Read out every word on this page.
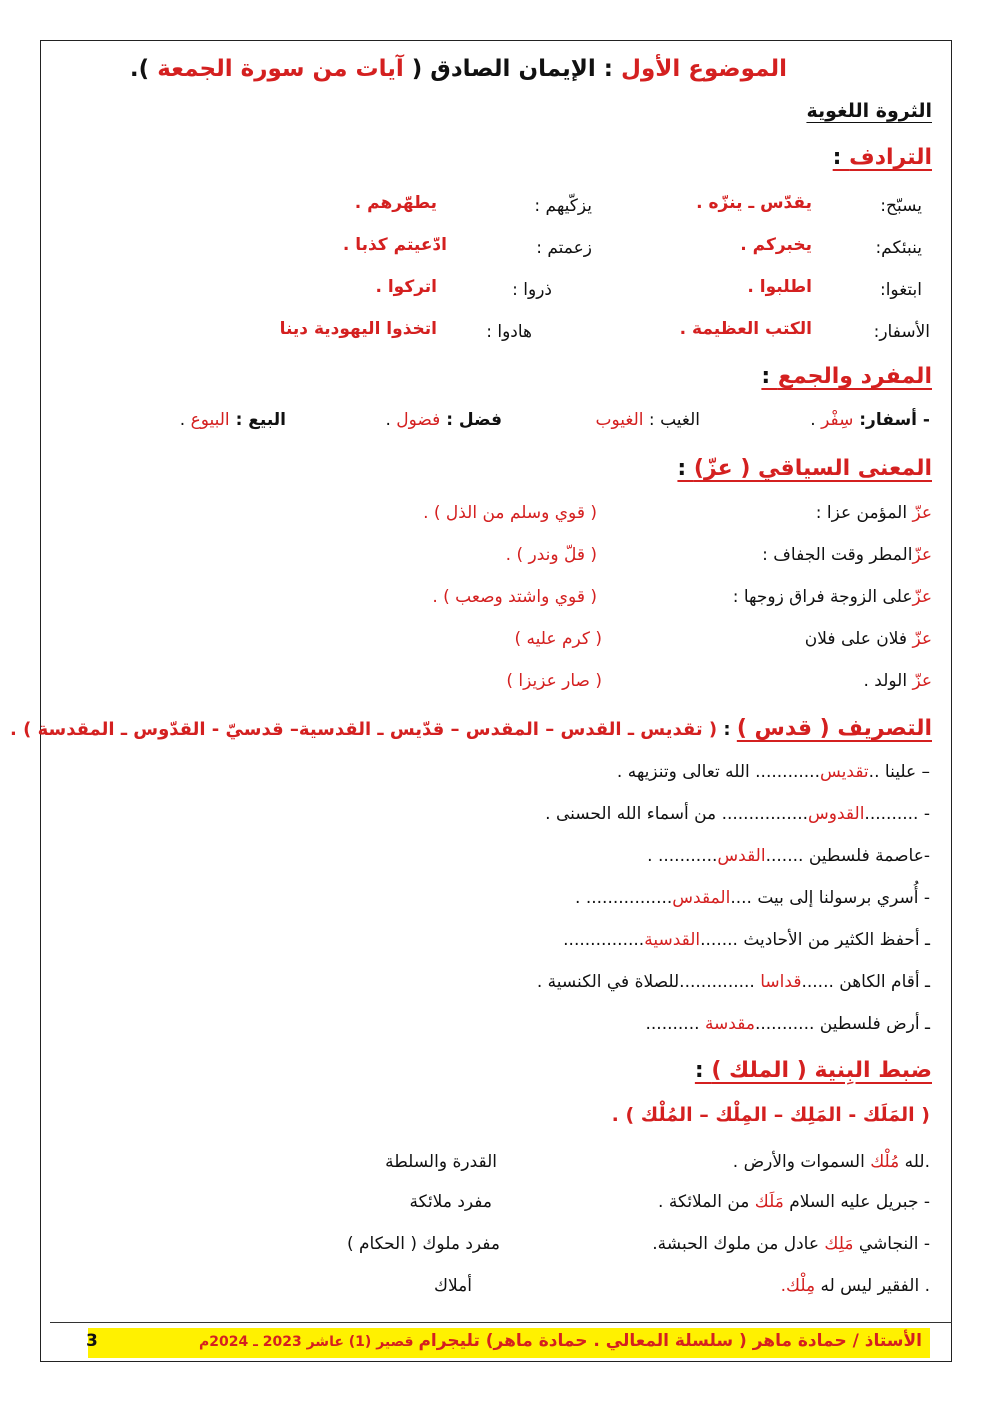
الموضوع الأول : الإيمان الصادق ( آيات من سورة الجمعة ).
الثروة اللغوية
الترادف :
يسبّح:
يقدّس ـ ينزّه .
يزكّيهم :
يطهّرهم .
ينبئكم:
يخبركم .
زعمتم :
ادّعيتم كذبا .
ابتغوا:
اطلبوا .
ذروا :
اتركوا .
الأسفار:
الكتب العظيمة .
هادوا :
اتخذوا اليهودية دينا
المفرد والجمع :
- أسفار: سِفْر .
الغيب : الغيوب
فضل : فضول .
البيع : البيوع .
المعنى السياقي ( عزّ) :
عزّ المؤمن عزا :
( قوي وسلم من الذل ) .
عزّالمطر وقت الجفاف :
( قلّ وندر ) .
عزّعلى الزوجة فراق زوجها :
( قوي واشتد وصعب ) .
عزّ فلان على فلان
( كرم عليه )
عزّ الولد .
( صار عزيزا )
التصريف ( قدس ) : ( تقديس ـ القدس – المقدس – قدّيس ـ القدسية– قدسيّ - القدّوس ـ المقدسة ) .
– علينا ..تقديس............ الله تعالى وتنزيهه .
- ..........القدوس................ من أسماء الله الحسنى .
-عاصمة فلسطين .......القدس........... .
- أُسري برسولنا إلى بيت ....المقدس................ .
ـ أحفظ الكثير من الأحاديث .......القدسية...............
ـ أقام الكاهن ......قداسا ..............للصلاة في الكنسية .
ـ أرض فلسطين ...........مقدسة ..........
ضبط البِنية ( الملك ) :
( المَلَك - المَلِك – المِلْك – المُلْك ) .
.لله مُلْك السموات والأرض .
القدرة والسلطة
- جبريل عليه السلام مَلَك من الملائكة .
مفرد ملائكة
- النجاشي مَلِك عادل من ملوك الحبشة.
مفرد ملوك ( الحكام )
. الفقير ليس له مِلْك.
أملاك
الأستاذ / حمادة ماهر ( سلسلة المعالي . حمادة ماهر) تليجرام قصير (1) عاشر 2023 ـ 2024م
3
